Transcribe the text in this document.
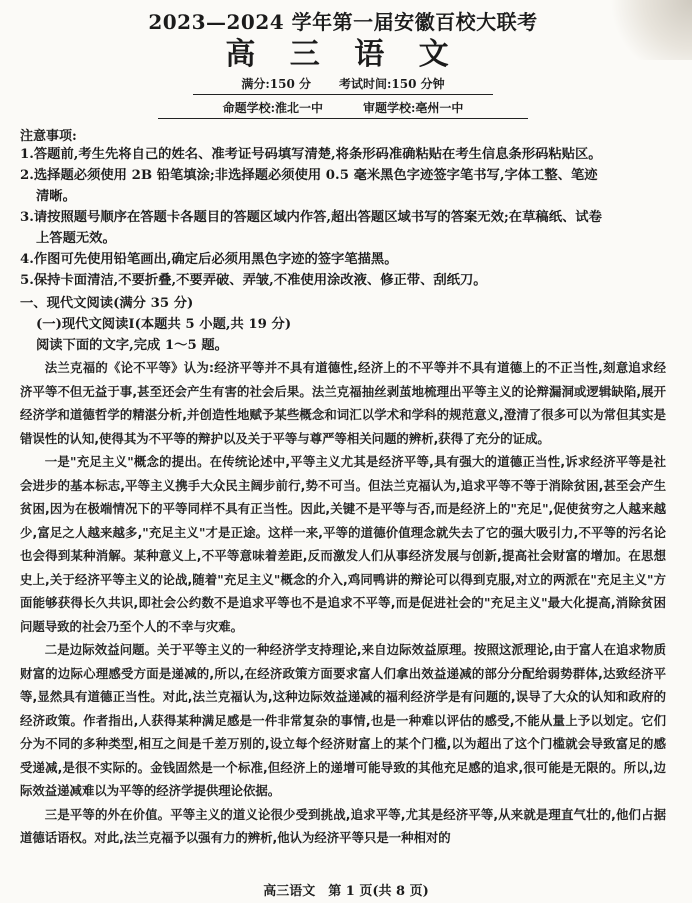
2023—2024 学年第一届安徽百校大联考
高 三 语 文
满分:150 分 考试时间:150 分钟
命题学校:淮北一中	审题学校:亳州一中
注意事项:
1.答题前,考生先将自己的姓名、准考证号码填写清楚,将条形码准确粘贴在考生信息条形码粘贴区。
2.选择题必须使用 2B 铅笔填涂;非选择题必须使用 0.5 毫米黑色字迹签字笔书写,字体工整、笔迹
清晰。
3.请按照题号顺序在答题卡各题目的答题区域内作答,超出答题区域书写的答案无效;在草稿纸、试卷
上答题无效。
4.作图可先使用铅笔画出,确定后必须用黑色字迹的签字笔描黑。
5.保持卡面清洁,不要折叠,不要弄破、弄皱,不准使用涂改液、修正带、刮纸刀。
一、现代文阅读(满分 35 分)
(一)现代文阅读Ⅰ(本题共 5 小题,共 19 分)
阅读下面的文字,完成 1～5 题。

法兰克福的《论不平等》认为:经济平等并不具有道德性,经济上的不平等并不具有道德上的不正当性,刻意追求经济平等不但无益于事,甚至还会产生有害的社会后果。法兰克福抽丝剥茧地梳理出平等主义的论辩漏洞或逻辑缺陷,展开经济学和道德哲学的精湛分析,并创造性地赋予某些概念和词汇以学术和学科的规范意义,澄清了很多可以为常但其实是错误性的认知,使得其为不平等的辩护以及关于平等与尊严等相关问题的辨析,获得了充分的证成。

一是"充足主义"概念的提出。在传统论述中,平等主义尤其是经济平等,具有强大的道德正当性,诉求经济平等是社会进步的基本标志,平等主义携手大众民主阔步前行,势不可当。但法兰克福认为,追求平等不等于消除贫困,甚至会产生贫困,因为在极端情况下的平等同样不具有正当性。因此,关键不是平等与否,而是经济上的"充足",促使贫穷之人越来越少,富足之人越来越多,"充足主义"才是正途。这样一来,平等的道德价值理念就失去了它的强大吸引力,不平等的污名论也会得到某种消解。某种意义上,不平等意味着差距,反而激发人们从事经济发展与创新,提高社会财富的增加。在思想史上,关于经济平等主义的论战,随着"充足主义"概念的介入,鸡同鸭讲的辩论可以得到克服,对立的两派在"充足主义"方面能够获得长久共识,即社会公约数不是追求平等也不是追求不平等,而是促进社会的"充足主义"最大化提高,消除贫困问题导致的社会乃至个人的不幸与灾难。

二是边际效益问题。关于平等主义的一种经济学支持理论,来自边际效益原理。按照这派理论,由于富人在追求物质财富的边际心理感受方面是递减的,所以,在经济政策方面要求富人们拿出效益递减的部分分配给弱势群体,达致经济平等,显然具有道德正当性。对此,法兰克福认为,这种边际效益递减的福利经济学是有问题的,误导了大众的认知和政府的经济政策。作者指出,人获得某种满足感是一件非常复杂的事情,也是一种难以评估的感受,不能从量上予以划定。它们分为不同的多种类型,相互之间是千差万别的,设立每个经济财富上的某个门槛,以为超出了这个门槛就会导致富足的感受递减,是很不实际的。金钱固然是一个标准,但经济上的递增可能导致的其他充足感的追求,很可能是无限的。所以,边际效益递减难以为平等的经济学提供理论依据。

三是平等的外在价值。平等主义的道义论很少受到挑战,追求平等,尤其是经济平等,从来就是理直气壮的,他们占据道德话语权。对此,法兰克福予以强有力的辨析,他认为经济平等只是一种相对的

高三语文　第 1 页(共 8 页)
